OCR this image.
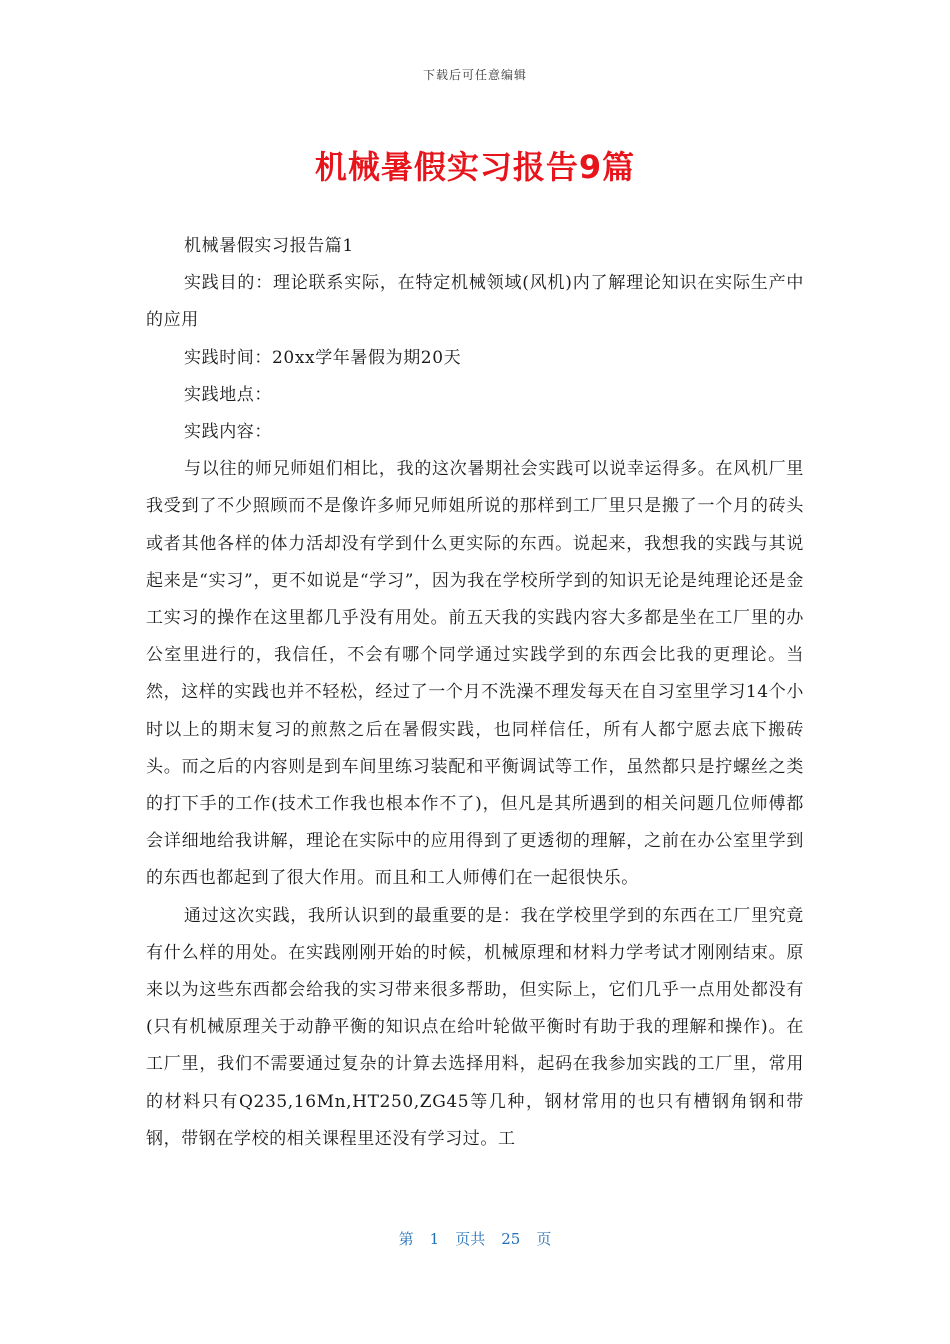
下载后可任意编辑
机械暑假实习报告9篇

机械暑假实习报告篇1

实践目的：理论联系实际，在特定机械领域(风机)内了解理论知识在实际生产中的应用

实践时间：20xx学年暑假为期20天

实践地点：

实践内容：

与以往的师兄师姐们相比，我的这次暑期社会实践可以说幸运得多。在风机厂里我受到了不少照顾而不是像许多师兄师姐所说的那样到工厂里只是搬了一个月的砖头或者其他各样的体力活却没有学到什么更实际的东西。说起来，我想我的实践与其说起来是“实习”，更不如说是“学习”，因为我在学校所学到的知识无论是纯理论还是金工实习的操作在这里都几乎没有用处。前五天我的实践内容大多都是坐在工厂里的办公室里进行的，我信任，不会有哪个同学通过实践学到的东西会比我的更理论。当然，这样的实践也并不轻松，经过了一个月不洗澡不理发每天在自习室里学习14个小时以上的期末复习的煎熬之后在暑假实践，也同样信任，所有人都宁愿去底下搬砖头。而之后的内容则是到车间里练习装配和平衡调试等工作，虽然都只是拧螺丝之类的打下手的工作(技术工作我也根本作不了)，但凡是其所遇到的相关问题几位师傅都会详细地给我讲解，理论在实际中的应用得到了更透彻的理解，之前在办公室里学到的东西也都起到了很大作用。而且和工人师傅们在一起很快乐。

通过这次实践，我所认识到的最重要的是：我在学校里学到的东西在工厂里究竟有什么样的用处。在实践刚刚开始的时候，机械原理和材料力学考试才刚刚结束。原来以为这些东西都会给我的实习带来很多帮助，但实际上，它们几乎一点用处都没有(只有机械原理关于动静平衡的知识点在给叶轮做平衡时有助于我的理解和操作)。在工厂里，我们不需要通过复杂的计算去选择用料，起码在我参加实践的工厂里，常用的材料只有Q235,16Mn,HT250,ZG45等几种，钢材常用的也只有槽钢角钢和带钢，带钢在学校的相关课程里还没有学习过。工

第 1 页共 25 页
